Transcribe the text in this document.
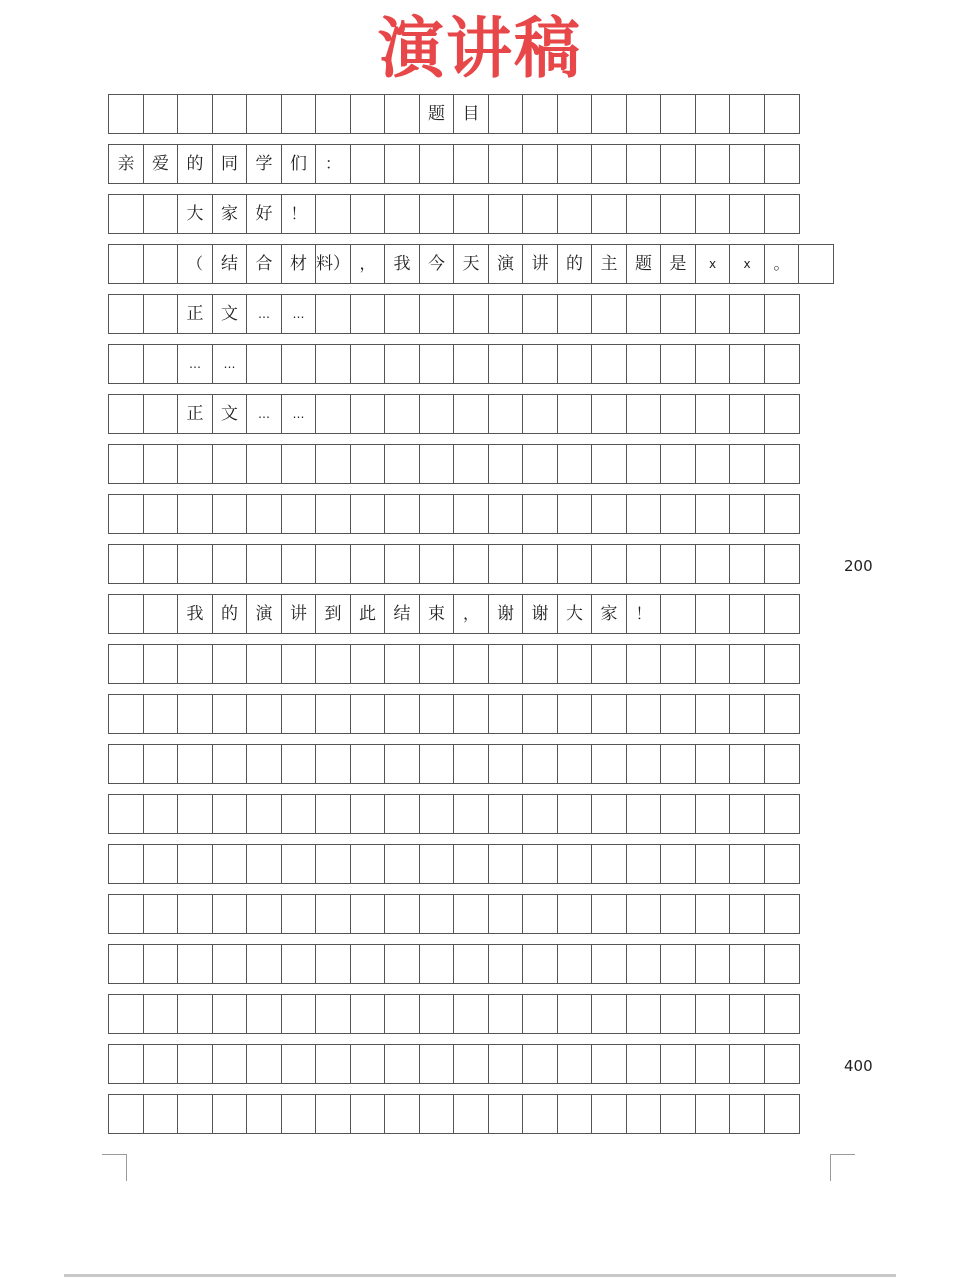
演讲稿
题	目
亲	爱	的	同	学	们	：
大	家	好	！
（	结	合	材 料） ，	我	今	天	演	讲	的	主	题	是	x	x	。
正	文	…	…
…	…
正	文	…	…
200
我	的	演	讲	到	此	结	束	，	谢	谢	大	家	！
400
